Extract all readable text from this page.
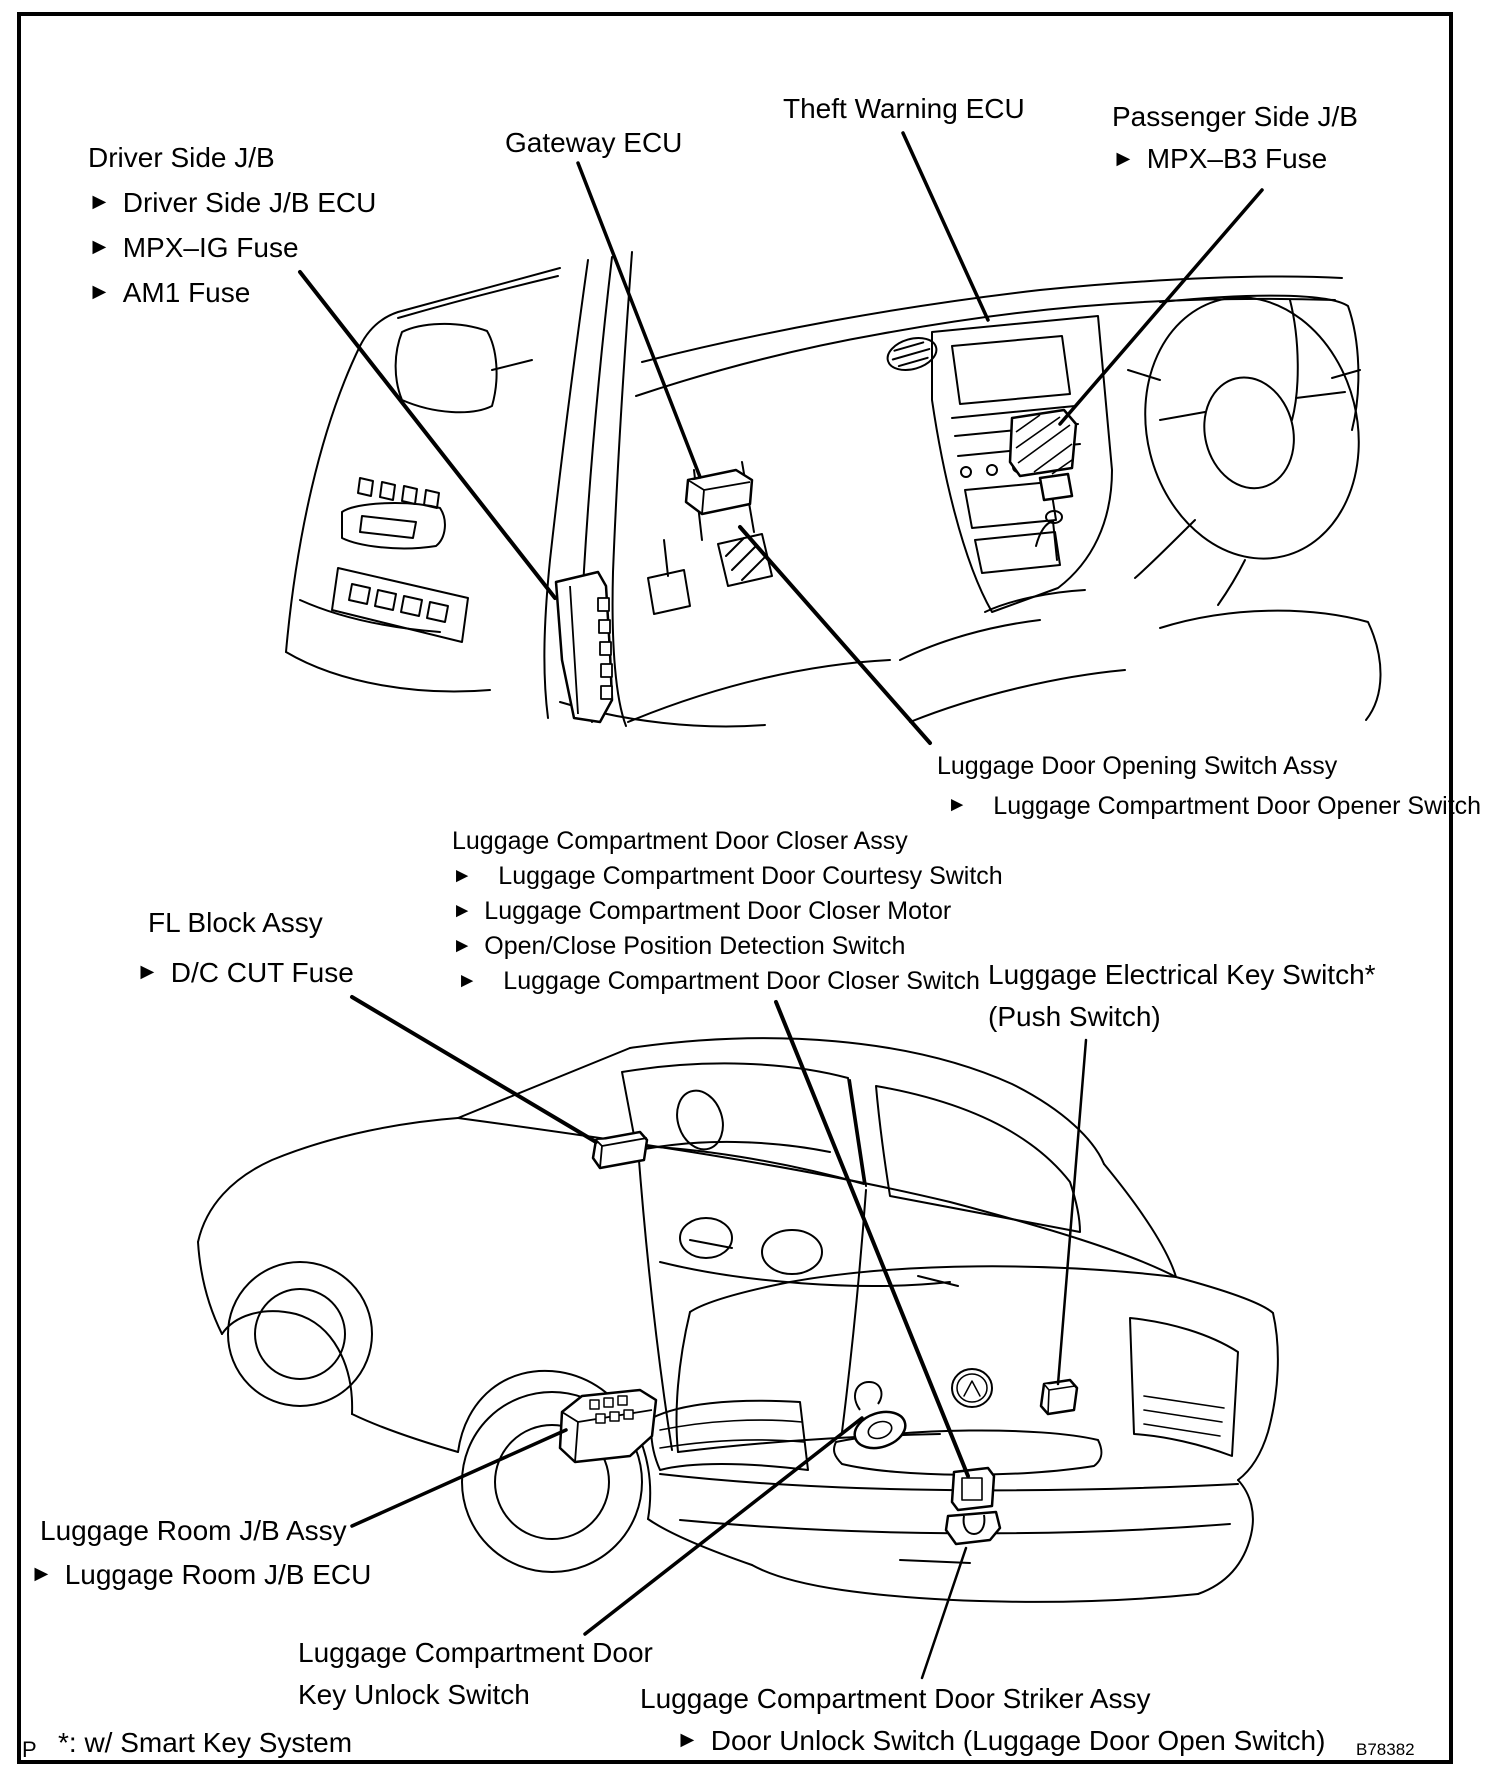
Driver Side J/B
► Driver Side J/B ECU
► MPX–IG Fuse
► AM1 Fuse
Gateway ECU
Theft Warning ECU	Passenger Side J/B
► MPX–B3 Fuse
Luggage Door Opening Switch Assy
► Luggage Compartment Door Opener Switch
Luggage Compartment Door Closer Assy
► Luggage Compartment Door Courtesy Switch
► Luggage Compartment Door Closer Motor
► Open/Close Position Detection Switch
► Luggage Compartment Door Closer Switch
FL Block Assy
► D/C CUT Fuse	Luggage Electrical Key Switch*
(Push Switch)
Luggage Room J/B Assy
► Luggage Room J/B ECU
Luggage Compartment Door
Key Unlock Switch	Luggage Compartment Door Striker Assy
► Door Unlock Switch (Luggage Door Open Switch)
*: w/ Smart Key System
P	B78382
